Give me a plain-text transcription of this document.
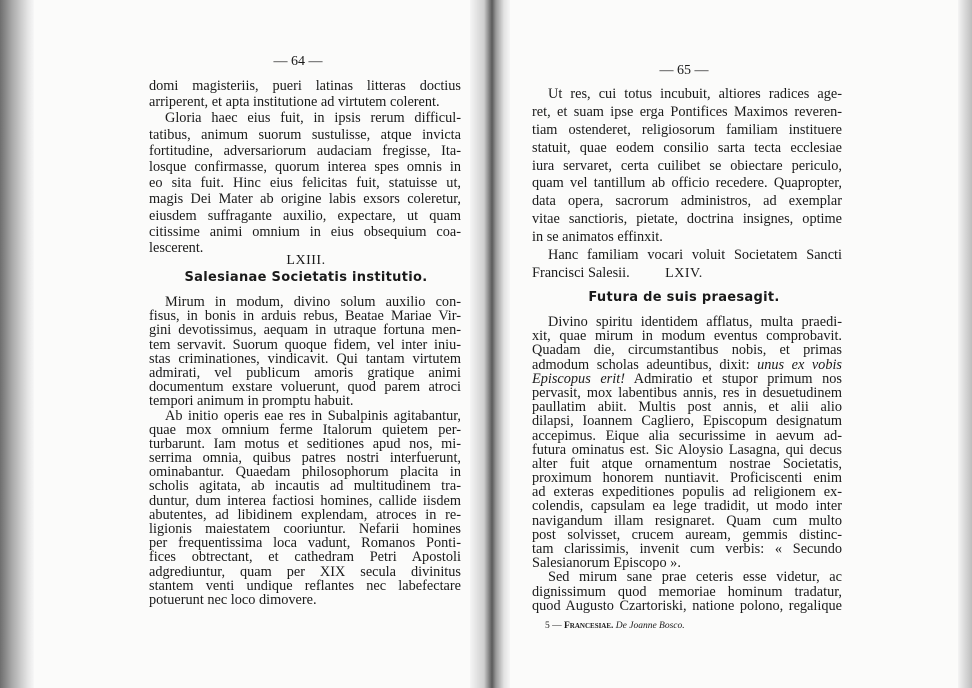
— 64 —
domi magisteriis, pueri latinas litteras doctius
arriperent, et apta institutione ad virtutem colerent.
Gloria haec eius fuit, in ipsis rerum difficul-
tatibus, animum suorum sustulisse, atque invicta
fortitudine, adversariorum audaciam fregisse, Ita-
losque confirmasse, quorum interea spes omnis in
eo sita fuit. Hinc eius felicitas fuit, statuisse ut,
magis Dei Mater ab origine labis exsors coleretur,
eiusdem suffragante auxilio, expectare, ut quam
citissime animi omnium in eius obsequium coa-
lescerent.
LXIII.
Salesianae Societatis institutio.
Mirum in modum, divino solum auxilio con-
fisus, in bonis in arduis rebus, Beatae Mariae Vir-
gini devotissimus, aequam in utraque fortuna men-
tem servavit. Suorum quoque fidem, vel inter iniu-
stas criminationes, vindicavit. Qui tantam virtutem
admirati, vel publicum amoris gratique animi
documentum exstare voluerunt, quod parem atroci
tempori animum in promptu habuit.
Ab initio operis eae res in Subalpinis agitabantur,
quae mox omnium ferme Italorum quietem per-
turbarunt. Iam motus et seditiones apud nos, mi-
serrima omnia, quibus patres nostri interfuerunt,
ominabantur. Quaedam philosophorum placita in
scholis agitata, ab incautis ad multitudinem tra-
duntur, dum interea factiosi homines, callide iisdem
abutentes, ad libidinem explendam, atroces in re-
ligionis maiestatem cooriuntur. Nefarii homines
per frequentissima loca vadunt, Romanos Ponti-
fices obtrectant, et cathedram Petri Apostoli
adgrediuntur, quam per XIX secula divinitus
stantem venti undique reflantes nec labefectare
potuerunt nec loco dimovere.
— 65 —
Ut res, cui totus incubuit, altiores radices age-
ret, et suam ipse erga Pontifices Maximos reveren-
tiam ostenderet, religiosorum familiam instituere
statuit, quae eodem consilio sarta tecta ecclesiae
iura servaret, certa cuilibet se obiectare periculo,
quam vel tantillum ab officio recedere. Quapropter,
data opera, sacrorum administros, ad exemplar
vitae sanctioris, pietate, doctrina insignes, optime
in se animatos effinxit.
Hanc familiam vocari voluit Societatem Sancti
Francisci Salesii.	LXIV.
Futura de suis praesagit.
Divino spiritu identidem afflatus, multa praedi-
xit, quae mirum in modum eventus comprobavit.
Quadam die, circumstantibus nobis, et primas
admodum scholas adeuntibus, dixit: unus ex vobis
Episcopus erit! Admiratio et stupor primum nos
pervasit, mox labentibus annis, res in desuetudinem
paullatim abiit. Multis post annis, et alii alio
dilapsi, Ioannem Cagliero, Episcopum designatum
accepimus. Eique alia securissime in aevum ad-
futura ominatus est. Sic Aloysio Lasagna, qui decus
alter fuit atque ornamentum nostrae Societatis,
proximum honorem nuntiavit. Proficiscenti enim
ad exteras expeditiones populis ad religionem ex-
colendis, capsulam ea lege tradidit, ut modo inter
navigandum illam resignaret. Quam cum multo
post solvisset, crucem auream, gemmis distinc-
tam clarissimis, invenit cum verbis: « Secundo
Salesianorum Episcopo ».
Sed mirum sane prae ceteris esse videtur, ac
dignissimum quod memoriae hominum tradatur,
quod Augusto Czartoriski, natione polono, regalique
5 — Francesiae. De Joanne Bosco.
